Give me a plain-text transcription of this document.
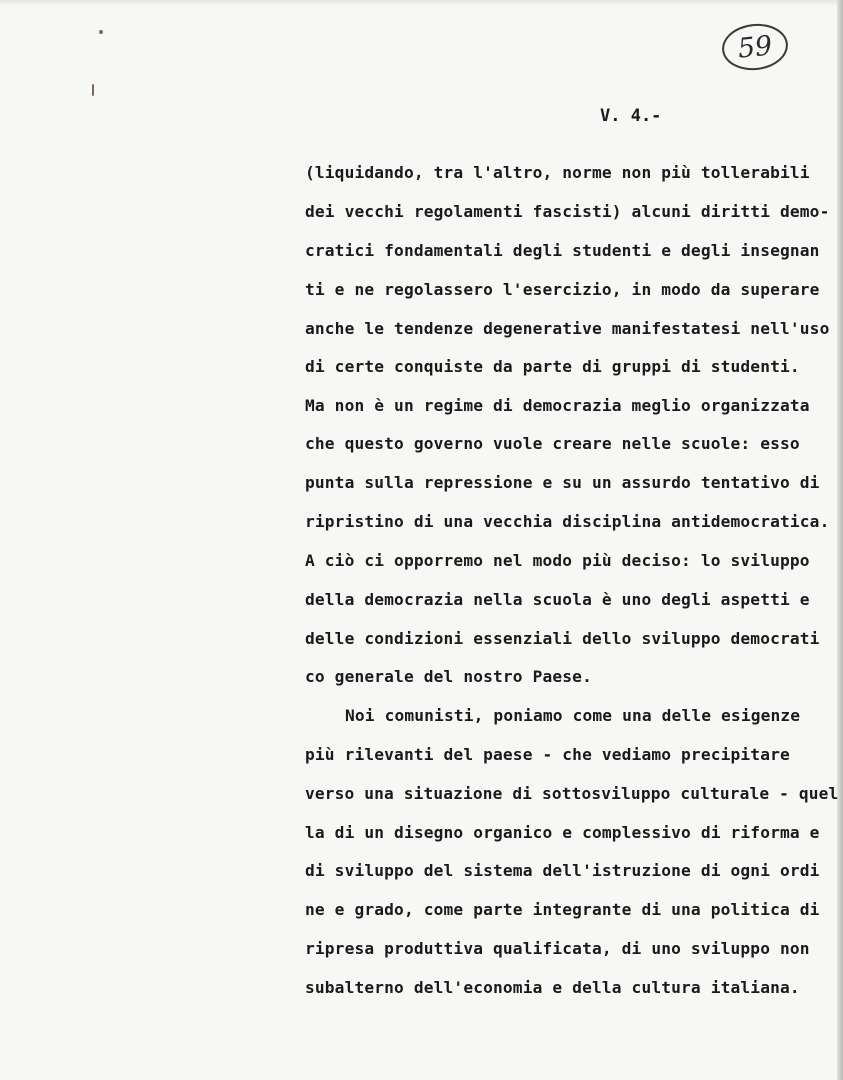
59
V. 4.-
(liquidando, tra l'altro, norme non più tollerabili
dei vecchi regolamenti fascisti) alcuni diritti demo-
cratici fondamentali degli studenti e degli insegnan
ti e ne regolassero l'esercizio, in modo da superare
anche le tendenze degenerative manifestatesi nell'uso
di certe conquiste da parte di gruppi di studenti.
Ma non è un regime di democrazia meglio organizzata
che questo governo vuole creare nelle scuole: esso
punta sulla repressione e su un assurdo tentativo di
ripristino di una vecchia disciplina antidemocratica.
A ciò ci opporremo nel modo più deciso: lo sviluppo
della democrazia nella scuola è uno degli aspetti e
delle condizioni essenziali dello sviluppo democrati
co generale del nostro Paese.
Noi comunisti, poniamo come una delle esigenze
più rilevanti del paese - che vediamo precipitare
verso una situazione di sottosviluppo culturale - quel
la di un disegno organico e complessivo di riforma e
di sviluppo del sistema dell'istruzione di ogni ordi
ne e grado, come parte integrante di una politica di
ripresa produttiva qualificata, di uno sviluppo non
subalterno dell'economia e della cultura italiana.
